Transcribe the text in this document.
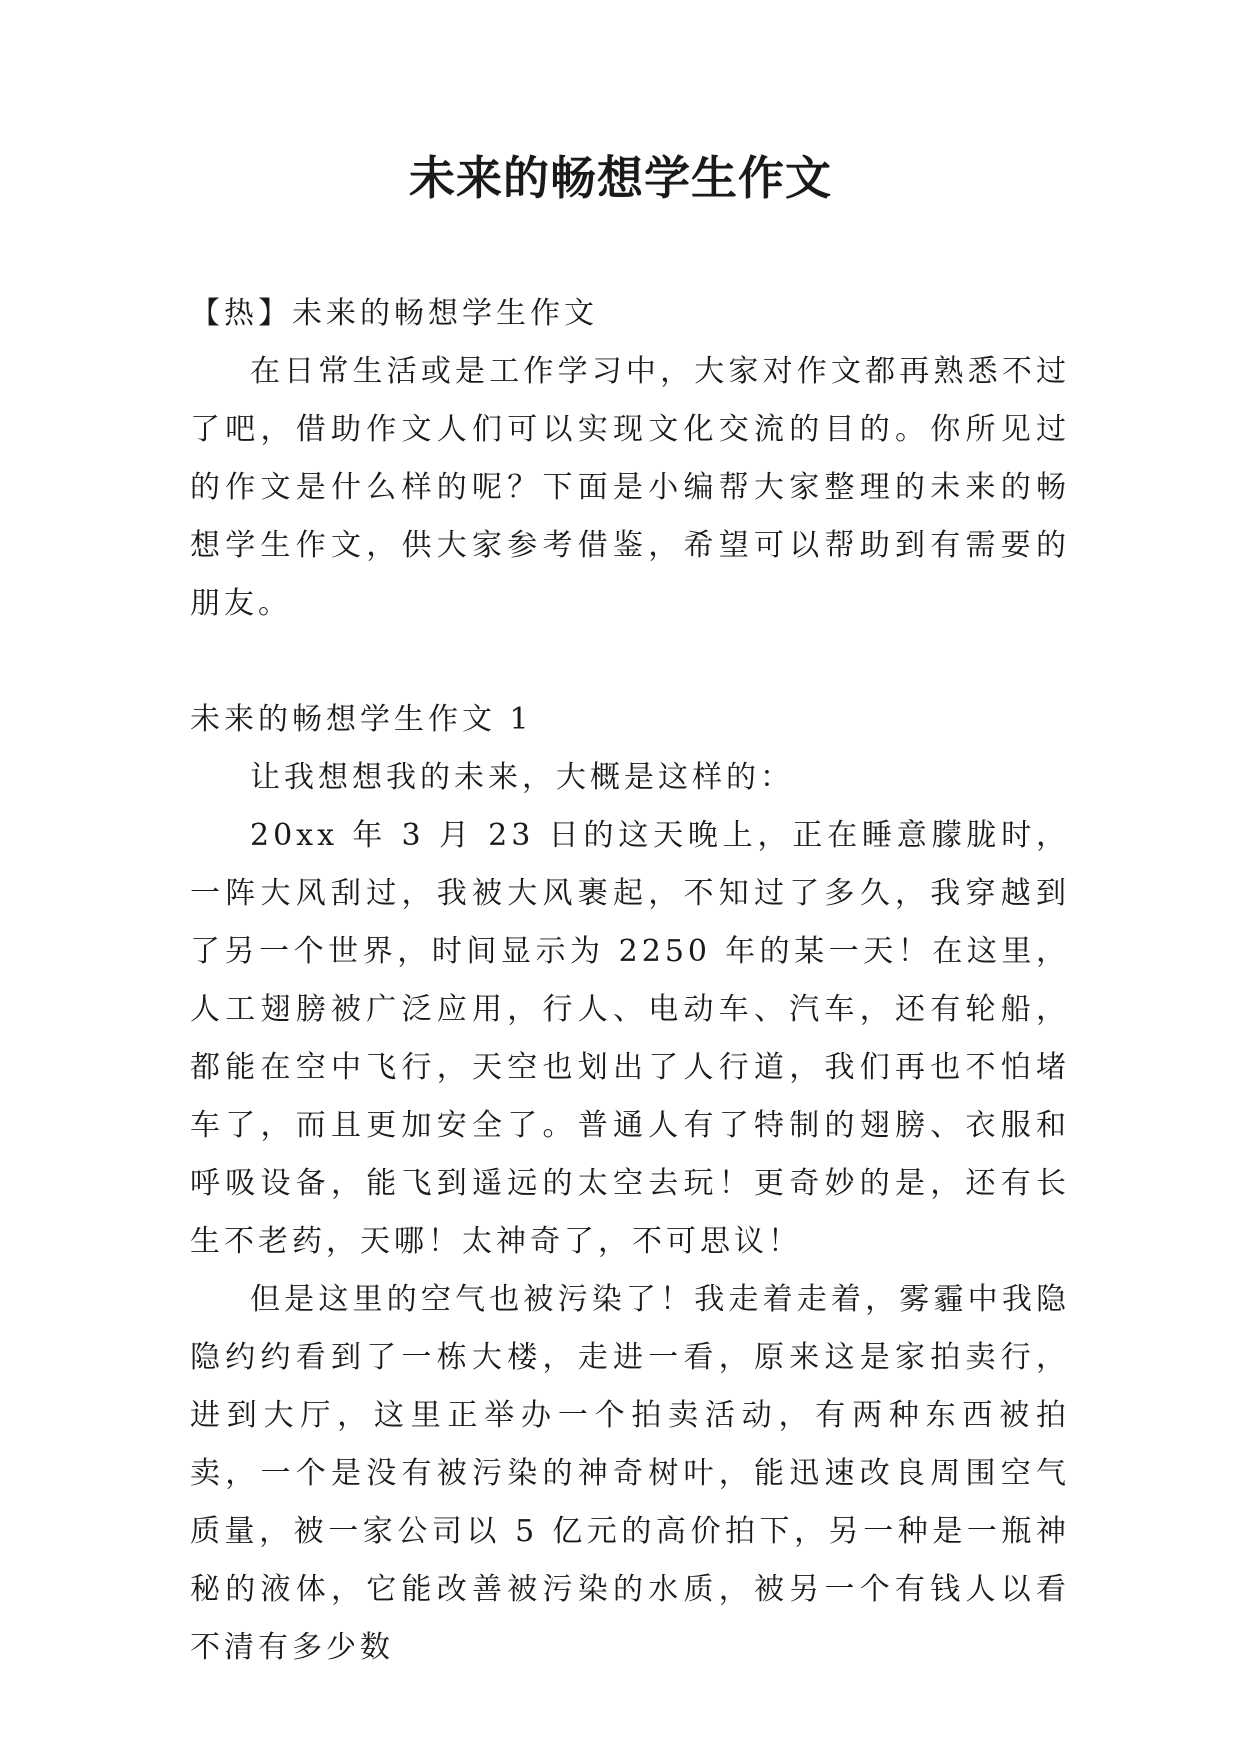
未来的畅想学生作文

【热】未来的畅想学生作文

在日常生活或是工作学习中，大家对作文都再熟悉不过了吧，借助作文人们可以实现文化交流的目的。你所见过的作文是什么样的呢？下面是小编帮大家整理的未来的畅想学生作文，供大家参考借鉴，希望可以帮助到有需要的朋友。

未来的畅想学生作文 1

让我想想我的未来，大概是这样的：

20xx 年 3 月 23 日的这天晚上，正在睡意朦胧时，一阵大风刮过，我被大风裹起，不知过了多久，我穿越到了另一个世界，时间显示为 2250 年的某一天！在这里，人工翅膀被广泛应用，行人、电动车、汽车，还有轮船，都能在空中飞行，天空也划出了人行道，我们再也不怕堵车了，而且更加安全了。普通人有了特制的翅膀、衣服和呼吸设备，能飞到遥远的太空去玩！更奇妙的是，还有长生不老药，天哪！太神奇了，不可思议！

但是这里的空气也被污染了！我走着走着，雾霾中我隐隐约约看到了一栋大楼，走进一看，原来这是家拍卖行，进到大厅，这里正举办一个拍卖活动，有两种东西被拍卖，一个是没有被污染的神奇树叶，能迅速改良周围空气质量，被一家公司以 5 亿元的高价拍下，另一种是一瓶神秘的液体，它能改善被污染的水质，被另一个有钱人以看不清有多少数
